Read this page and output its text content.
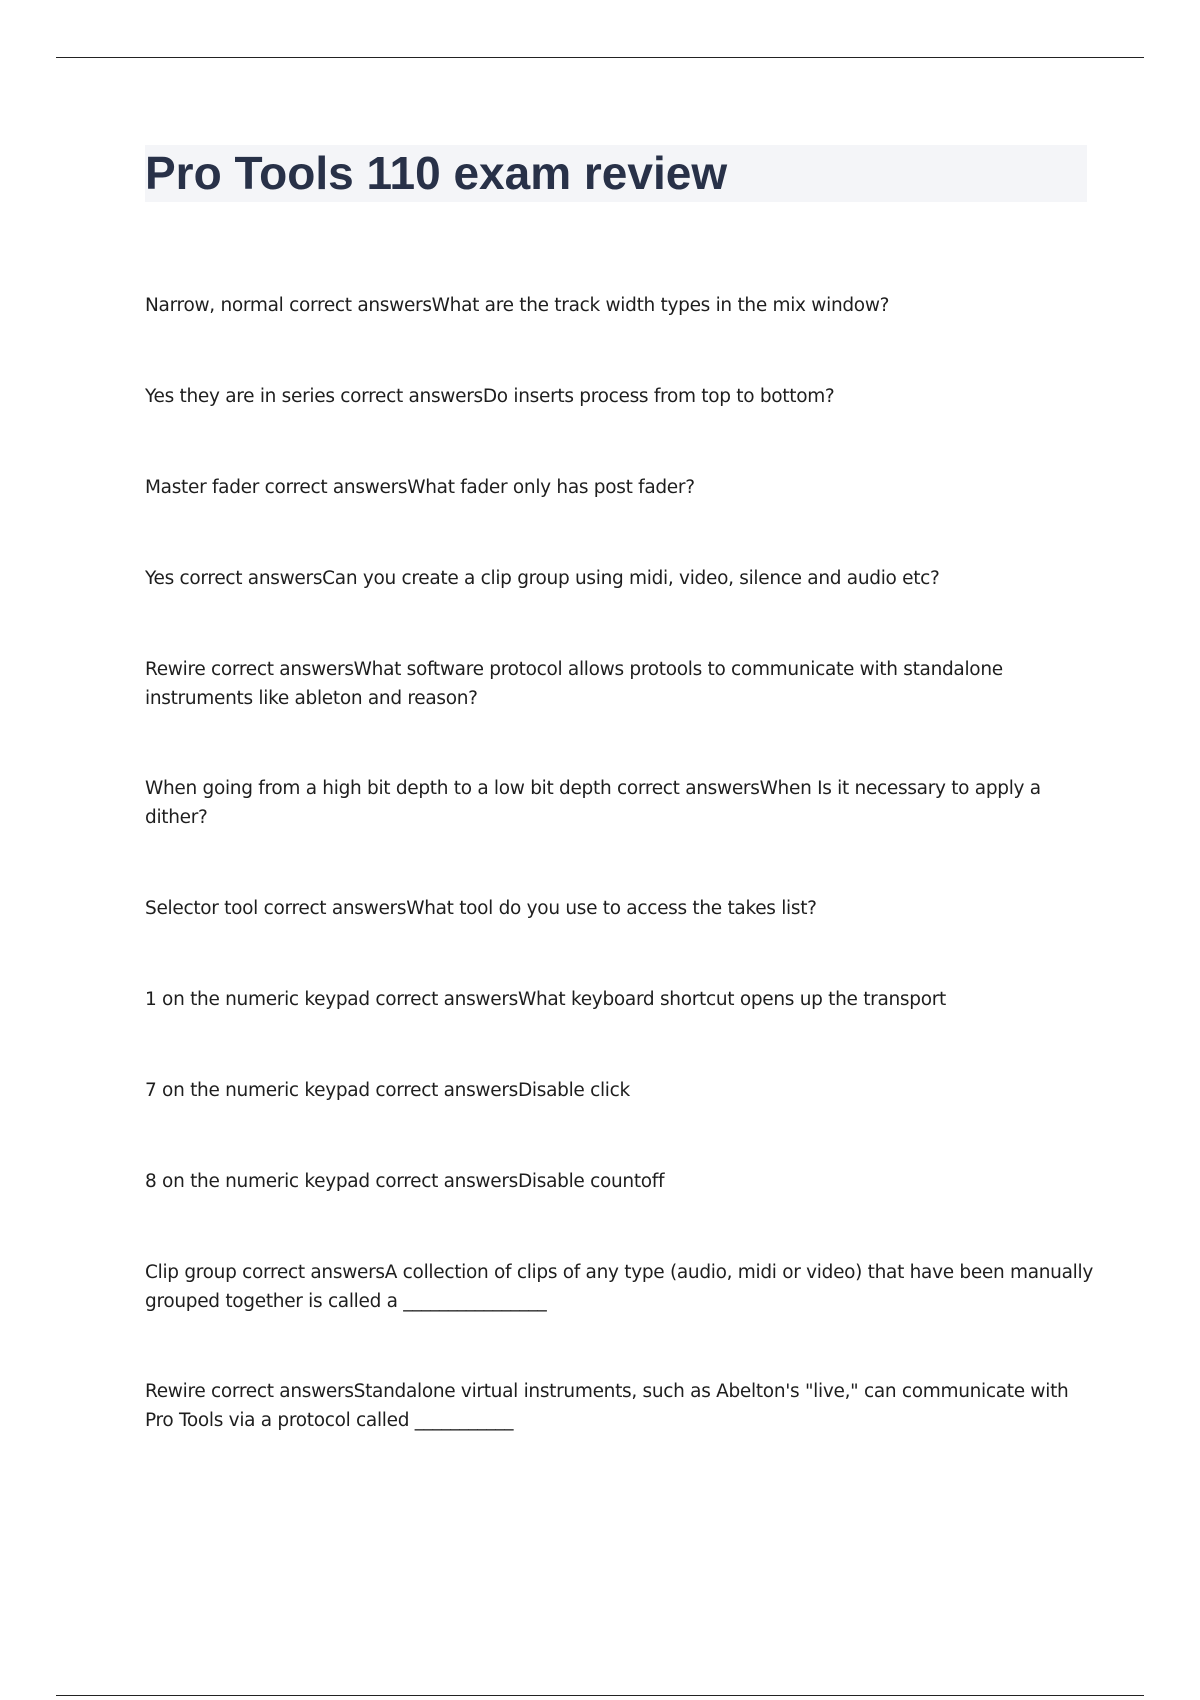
Pro Tools 110 exam review
Narrow, normal correct answersWhat are the track width types in the mix window?
Yes they are in series correct answersDo inserts process from top to bottom?
Master fader correct answersWhat fader only has post fader?
Yes correct answersCan you create a clip group using midi, video, silence and audio etc?
Rewire correct answersWhat software protocol allows protools to communicate with standalone instruments like ableton and reason?
When going from a high bit depth to a low bit depth correct answersWhen Is it necessary to apply a dither?
Selector tool correct answersWhat tool do you use to access the takes list?
1 on the numeric keypad correct answersWhat keyboard shortcut opens up the transport
7 on the numeric keypad correct answersDisable click
8 on the numeric keypad correct answersDisable countoff
Clip group correct answersA collection of clips of any type (audio, midi or video) that have been manually grouped together is called a ________________
Rewire correct answersStandalone virtual instruments, such as Abelton's "live," can communicate with Pro Tools via a protocol called ___________
